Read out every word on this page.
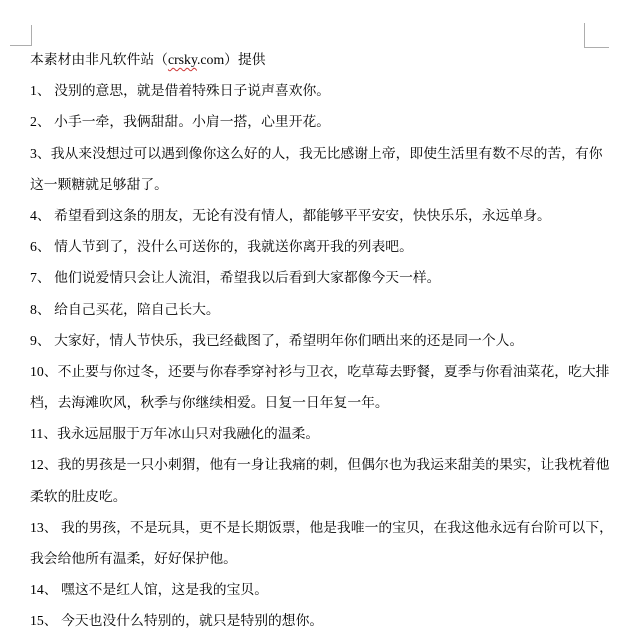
本素材由非凡软件站（crsky.com）提供
1、 没别的意思，就是借着特殊日子说声喜欢你。
2、 小手一牵，我俩甜甜。小肩一搭，心里开花。
3、我从来没想过可以遇到像你这么好的人，我无比感谢上帝，即使生活里有数不尽的苦，有你
这一颗糖就足够甜了。
4、 希望看到这条的朋友，无论有没有情人，都能够平平安安，快快乐乐，永远单身。
6、 情人节到了，没什么可送你的，我就送你离开我的列表吧。
7、 他们说爱情只会让人流泪，希望我以后看到大家都像今天一样。
8、 给自己买花，陪自己长大。
9、 大家好，情人节快乐，我已经截图了，希望明年你们晒出来的还是同一个人。
10、不止要与你过冬，还要与你春季穿衬衫与卫衣，吃草莓去野餐，夏季与你看油菜花，吃大排
档，去海滩吹风，秋季与你继续相爱。日复一日年复一年。
11、我永远屈服于万年冰山只对我融化的温柔。
12、我的男孩是一只小刺猬，他有一身让我痛的刺，但偶尔也为我运来甜美的果实，让我枕着他
柔软的肚皮吃。
13、 我的男孩，不是玩具，更不是长期饭票，他是我唯一的宝贝，在我这他永远有台阶可以下，
我会给他所有温柔，好好保护他。
14、 嘿这不是红人馆，这是我的宝贝。
15、 今天也没什么特别的，就只是特别的想你。
